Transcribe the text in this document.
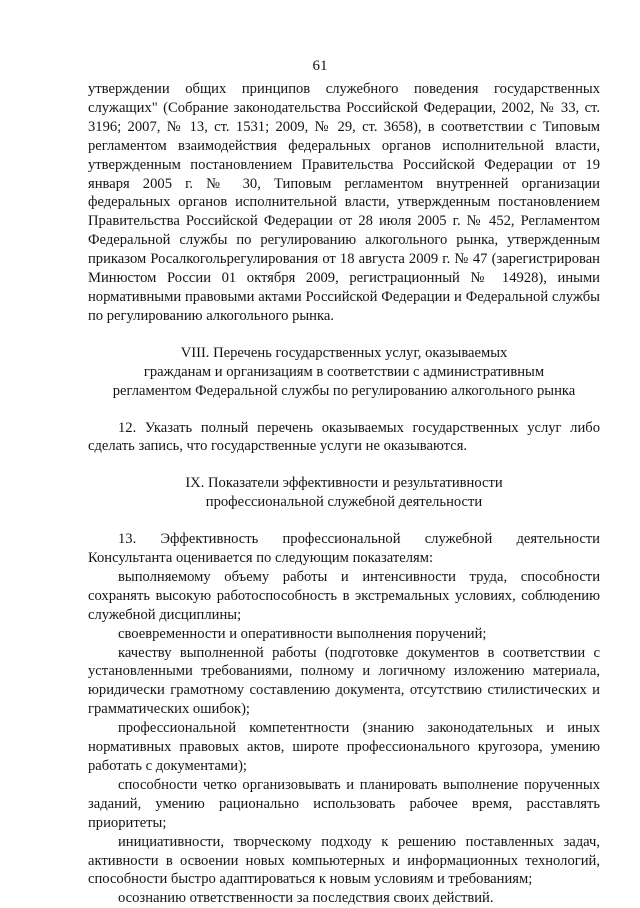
61

утверждении общих принципов служебного поведения государственных служащих" (Собрание законодательства Российской Федерации, 2002, № 33, ст. 3196; 2007, № 13, ст. 1531; 2009, № 29, ст. 3658), в соответствии с Типовым регламентом взаимодействия федеральных органов исполнительной власти, утвержденным постановлением Правительства Российской Федерации от 19 января 2005 г. № 30, Типовым регламентом внутренней организации федеральных органов исполнительной власти, утвержденным постановлением Правительства Российской Федерации от 28 июля 2005 г. № 452, Регламентом Федеральной службы по регулированию алкогольного рынка, утвержденным приказом Росалкогольрегулирования от 18 августа 2009 г. № 47 (зарегистрирован Минюстом России 01 октября 2009, регистрационный № 14928), иными нормативными правовыми актами Российской Федерации и Федеральной службы по регулированию алкогольного рынка.

VIII. Перечень государственных услуг, оказываемых

гражданам и организациям в соответствии с административным

регламентом Федеральной службы по регулированию алкогольного рынка

12. Указать полный перечень оказываемых государственных услуг либо сделать запись, что государственные услуги не оказываются.

IX. Показатели эффективности и результативности

профессиональной служебной деятельности

13. Эффективность профессиональной служебной деятельности Консультанта оценивается по следующим показателям:

выполняемому объему работы и интенсивности труда, способности сохранять высокую работоспособность в экстремальных условиях, соблюдению служебной дисциплины;

своевременности и оперативности выполнения поручений;

качеству выполненной работы (подготовке документов в соответствии с установленными требованиями, полному и логичному изложению материала, юридически грамотному составлению документа, отсутствию стилистических и грамматических ошибок);

профессиональной компетентности (знанию законодательных и иных нормативных правовых актов, широте профессионального кругозора, умению работать с документами);

способности четко организовывать и планировать выполнение порученных заданий, умению рационально использовать рабочее время, расставлять приоритеты;

инициативности, творческому подходу к решению поставленных задач, активности в освоении новых компьютерных и информационных технологий, способности быстро адаптироваться к новым условиям и требованиям;

осознанию ответственности за последствия своих действий.
